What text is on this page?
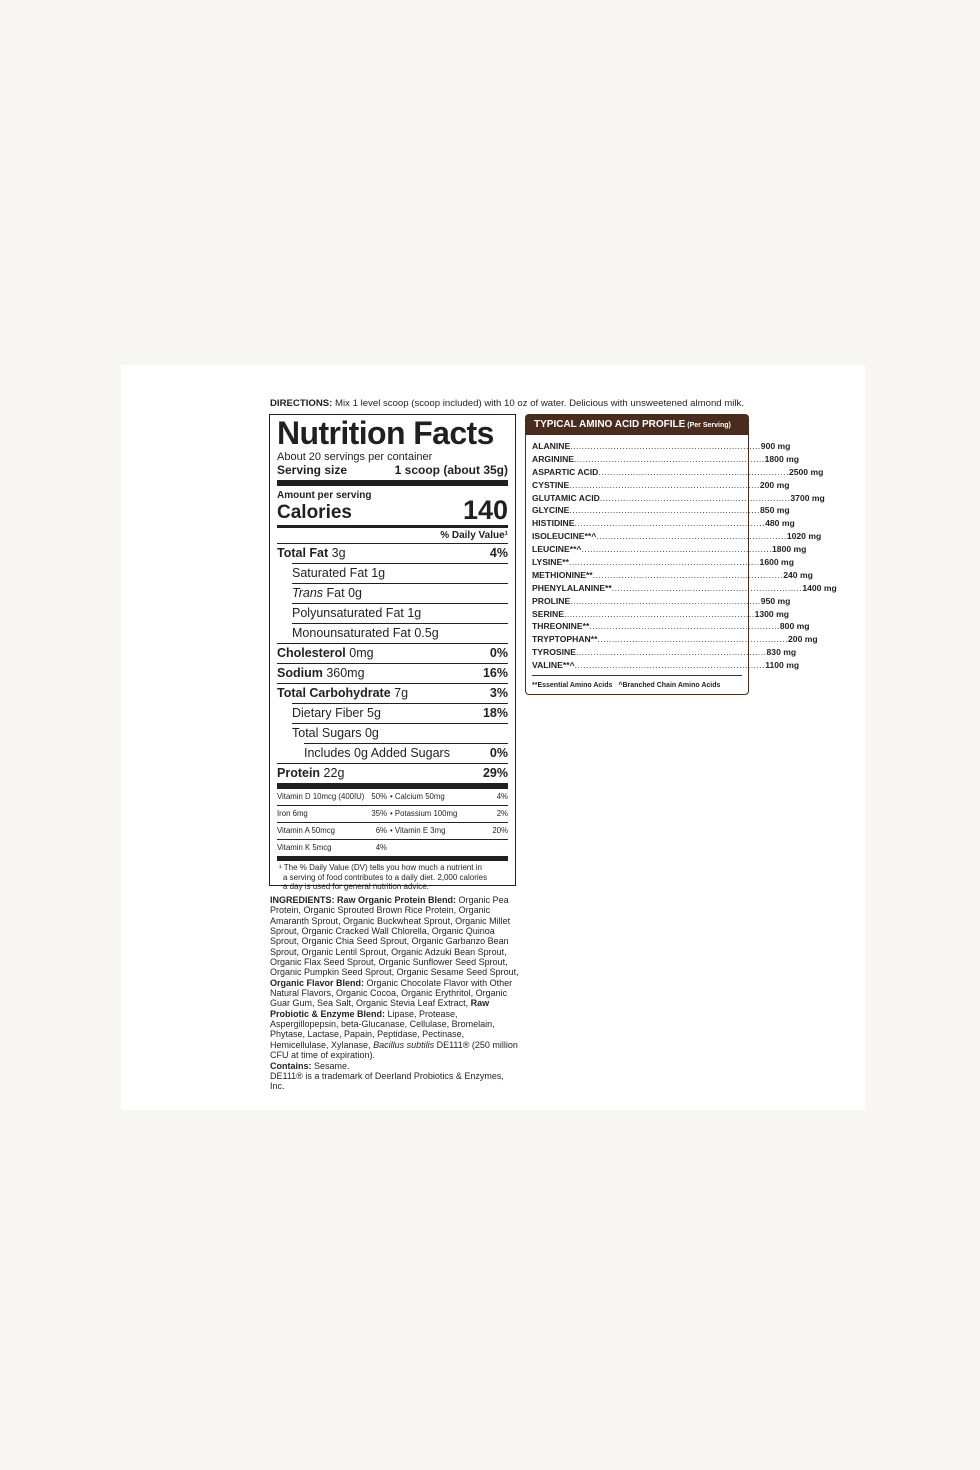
DIRECTIONS: Mix 1 level scoop (scoop included) with 10 oz of water. Delicious with unsweetened almond milk.
Nutrition Facts
About 20 servings per container
Serving size	1 scoop (about 35g)
Amount per serving
Calories	140
% Daily Value¹
Total Fat 3g	4%
Saturated Fat 1g
Trans Fat 0g
Polyunsaturated Fat 1g
Monounsaturated Fat 0.5g
Cholesterol 0mg	0%
Sodium 360mg	16%
Total Carbohydrate 7g	3%
Dietary Fiber 5g	18%
Total Sugars 0g
Includes 0g Added Sugars	0%
Protein 22g	29%
Vitamin D 10mcg (400IU) 50% • Calcium 50mg	4%
Iron 6mg	35% • Potassium 100mg	2%
Vitamin A 50mcg	6% • Vitamin E 3mg	20%
Vitamin K 5mcg	4%
¹ The % Daily Value (DV) tells you how much a nutrient in
a serving of food contributes to a daily diet. 2,000 calories
a day is used for general nutrition advice.
TYPICAL AMINO ACID PROFILE (Per Serving)
ALANINE .................................................................. 900 mg
ARGININE .................................................................. 1800 mg
ASPARTIC ACID .................................................................. 2500 mg
CYSTINE .................................................................. 200 mg
GLUTAMIC ACID .................................................................. 3700 mg
GLYCINE .................................................................. 850 mg
HISTIDINE .................................................................. 480 mg
ISOLEUCINE**^ .................................................................. 1020 mg
LEUCINE**^ .................................................................. 1800 mg
LYSINE** .................................................................. 1600 mg
METHIONINE** .................................................................. 240 mg
PHENYLALANINE** .................................................................. 1400 mg
PROLINE .................................................................. 950 mg
SERINE .................................................................. 1300 mg
THREONINE** .................................................................. 800 mg
TRYPTOPHAN** .................................................................. 200 mg
TYROSINE .................................................................. 830 mg
VALINE**^ .................................................................. 1100 mg
**Essential Amino Acids ^Branched Chain Amino Acids
INGREDIENTS: Raw Organic Protein Blend: Organic Pea Protein, Organic Sprouted Brown Rice Protein, Organic Amaranth Sprout, Organic Buckwheat Sprout, Organic Millet Sprout, Organic Cracked Wall Chlorella, Organic Quinoa Sprout, Organic Chia Seed Sprout, Organic Garbanzo Bean Sprout, Organic Lentil Sprout, Organic Adzuki Bean Sprout, Organic Flax Seed Sprout, Organic Sunflower Seed Sprout, Organic Pumpkin Seed Sprout, Organic Sesame Seed Sprout, Organic Flavor Blend: Organic Chocolate Flavor with Other Natural Flavors, Organic Cocoa, Organic Erythritol, Organic Guar Gum, Sea Salt, Organic Stevia Leaf Extract, Raw Probiotic & Enzyme Blend: Lipase, Protease, Aspergillopepsin, beta-Glucanase, Cellulase, Bromelain, Phytase, Lactase, Papain, Peptidase, Pectinase, Hemicellulase, Xylanase, Bacillus subtilis DE111® (250 million CFU at time of expiration).
Contains: Sesame.
DE111® is a trademark of Deerland Probiotics & Enzymes, Inc.
